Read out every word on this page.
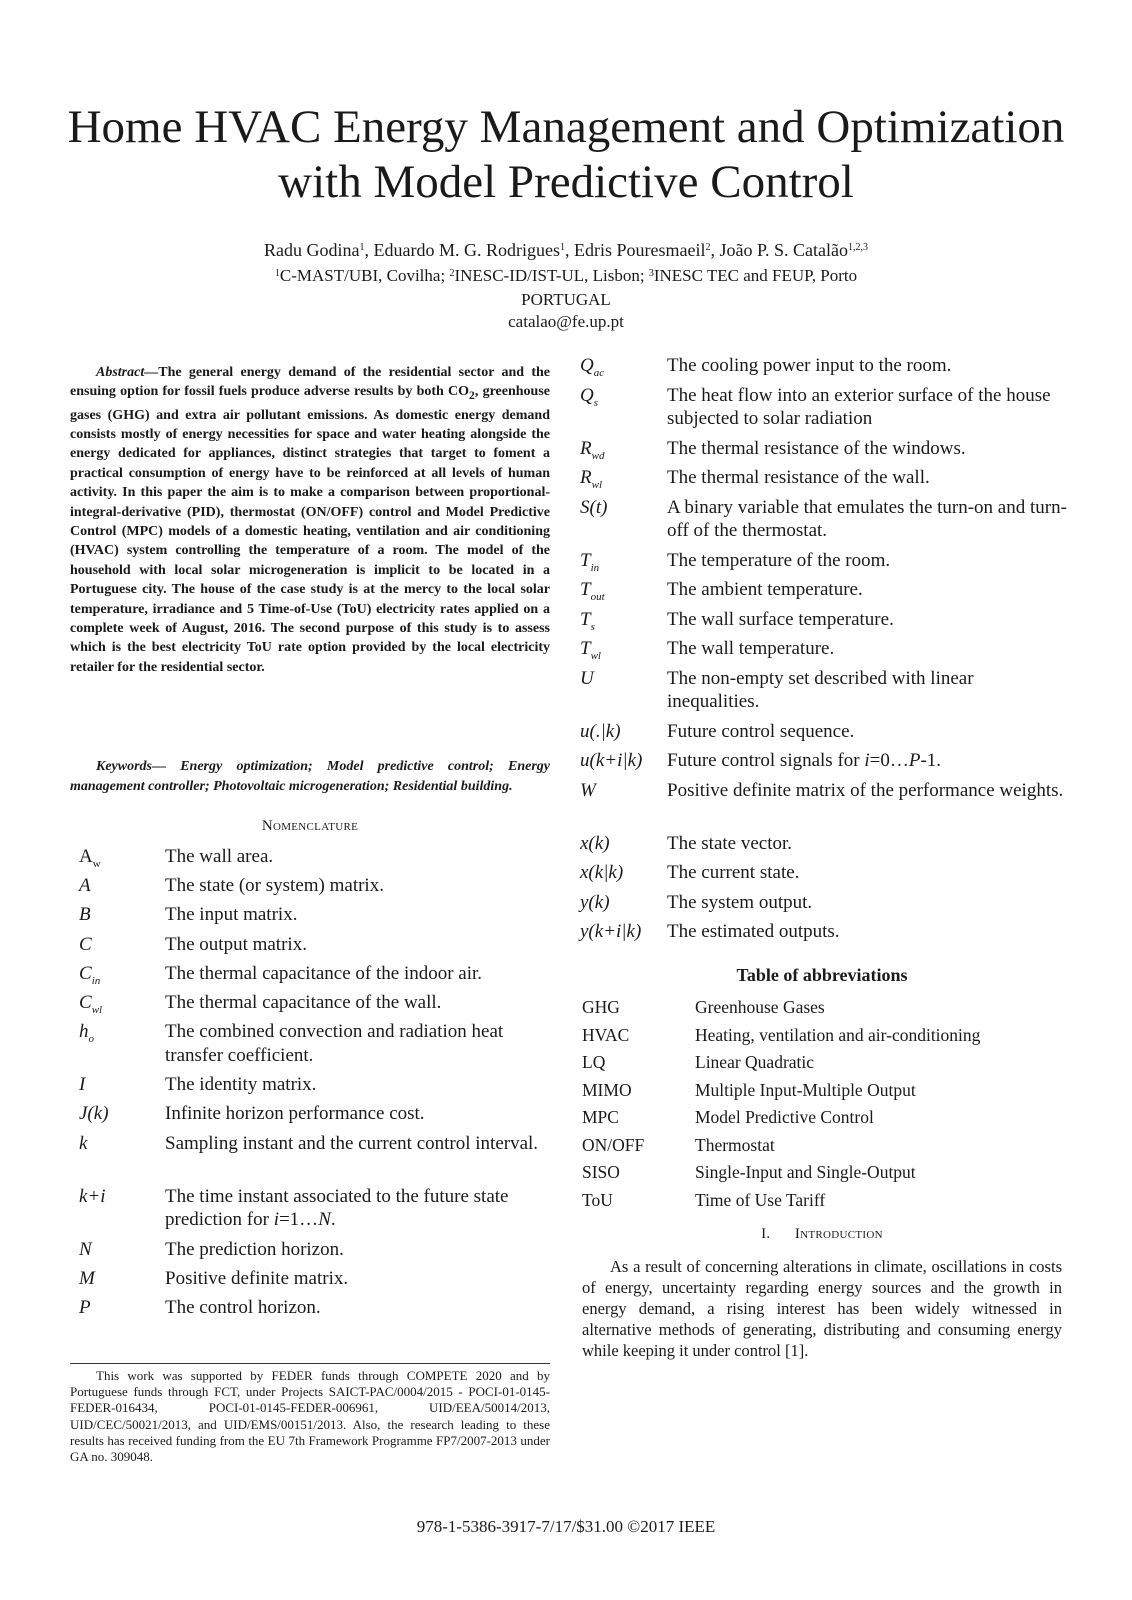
Home HVAC Energy Management and Optimization
with Model Predictive Control
Radu Godina$^1$, Eduardo M. G. Rodrigues$^1$, Edris Pouresmaeil$^2$, João P. S. Catalão$^{1,2,3}$
$^1$C-MAST/UBI, Covilha; $^2$INESC-ID/IST-UL, Lisbon; $^3$INESC TEC and FEUP, Porto
PORTUGAL
catalao@fe.up.pt

Abstract—The general energy demand of the residential sector and the ensuing option for fossil fuels produce adverse results by both $CO_2$, greenhouse gases (GHG) and extra air pollutant emissions. As domestic energy demand consists mostly of energy necessities for space and water heating alongside the energy dedicated for appliances, distinct strategies that target to foment a practical consumption of energy have to be reinforced at all levels of human activity. In this paper the aim is to make a comparison between proportional-integral-derivative (PID), thermostat (ON/OFF) control and Model Predictive Control (MPC) models of a domestic heating, ventilation and air conditioning (HVAC) system controlling the temperature of a room. The model of the household with local solar microgeneration is implicit to be located in a Portuguese city. The house of the case study is at the mercy to the local solar temperature, irradiance and 5 Time-of-Use (ToU) electricity rates applied on a complete week of August, 2016. The second purpose of this study is to assess which is the best electricity ToU rate option provided by the local electricity retailer for the residential sector.

Keywords— Energy optimization; Model predictive control; Energy management controller; Photovoltaic microgeneration; Residential building.

Nomenclature
$A_w$	The wall area.
A	The state (or system) matrix.
B	The input matrix.
C	The output matrix.
$C_{in}$	The thermal capacitance of the indoor air.
$C_{wl}$	The thermal capacitance of the wall.
$h_o$	The combined convection and radiation heat transfer coefficient.
I	The identity matrix.
J(k)	Infinite horizon performance cost.
k	Sampling instant and the current control interval.
k+i	The time instant associated to the future state prediction for i=1…N.
N	The prediction horizon.
M	Positive definite matrix.
P	The control horizon.
$Q_{ac}$	The cooling power input to the room.
$Q_s$	The heat flow into an exterior surface of the house subjected to solar radiation
$R_{wd}$	The thermal resistance of the windows.
$R_{wl}$	The thermal resistance of the wall.
S(t)	A binary variable that emulates the turn-on and turn-off of the thermostat.
$T_{in}$	The temperature of the room.
$T_{out}$	The ambient temperature.
$T_s$	The wall surface temperature.
$T_{wl}$	The wall temperature.
U	The non-empty set described with linear inequalities.
u(.|k)	Future control sequence.
u(k+i|k)	Future control signals for i=0…P-1.
W	Positive definite matrix of the performance weights.
x(k)	The state vector.
x(k|k)	The current state.
y(k)	The system output.
y(k+i|k)	The estimated outputs.
Table of abbreviations
GHG	Greenhouse Gases
HVAC	Heating, ventilation and air-conditioning
LQ	Linear Quadratic
MIMO	Multiple Input-Multiple Output
MPC	Model Predictive Control
ON/OFF	Thermostat
SISO	Single-Input and Single-Output
ToU	Time of Use Tariff
I. Introduction

As a result of concerning alterations in climate, oscillations in costs of energy, uncertainty regarding energy sources and the growth in energy demand, a rising interest has been widely witnessed in alternative methods of generating, distributing and consuming energy while keeping it under control [1].

This work was supported by FEDER funds through COMPETE 2020 and by Portuguese funds through FCT, under Projects SAICT-PAC/0004/2015 - POCI-01-0145-FEDER-016434, POCI-01-0145-FEDER-006961, UID/EEA/50014/2013, UID/CEC/50021/2013, and UID/EMS/00151/2013. Also, the research leading to these results has received funding from the EU 7th Framework Programme FP7/2007-2013 under GA no. 309048.

978-1-5386-3917-7/17/$31.00 ©2017 IEEE
